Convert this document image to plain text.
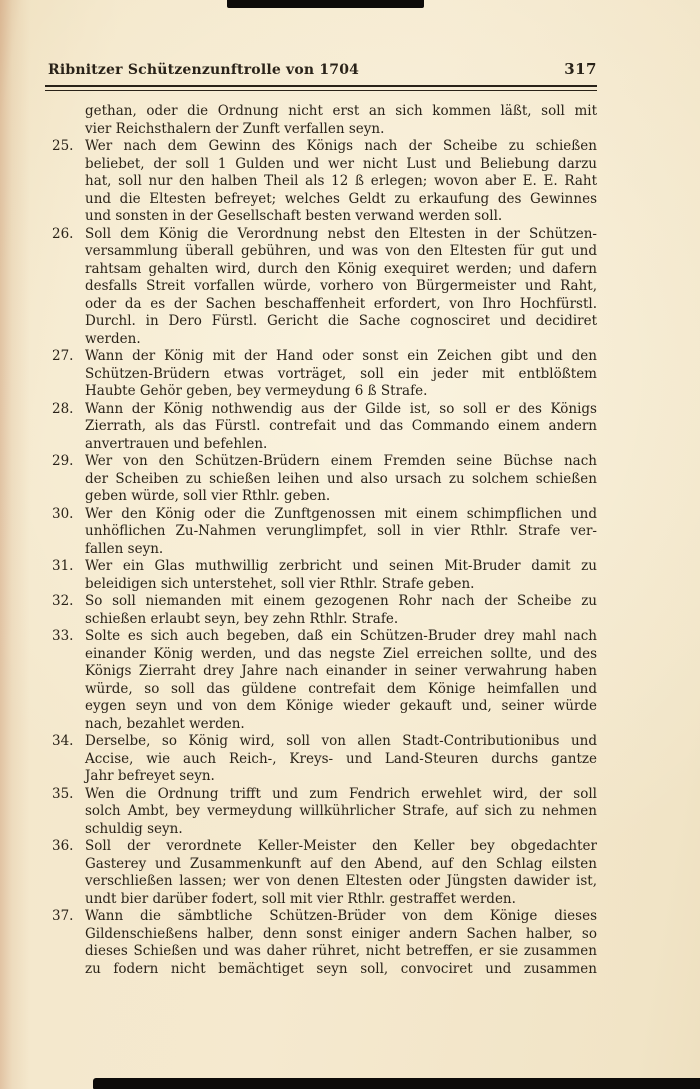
Ribnitzer Schützenzunftrolle von 1704	317
gethan, oder die Ordnung nicht erst an sich kommen läßt, soll mit
vier Reichsthalern der Zunft verfallen seyn.
25. Wer nach dem Gewinn des Königs nach der Scheibe zu schießen
beliebet, der soll 1 Gulden und wer nicht Lust und Beliebung darzu
hat, soll nur den halben Theil als 12 ß erlegen; wovon aber E. E. Raht
und die Eltesten befreyet; welches Geldt zu erkaufung des Gewinnes
und sonsten in der Gesellschaft besten verwand werden soll.
26. Soll dem König die Verordnung nebst den Eltesten in der Schützen-
versammlung überall gebühren, und was von den Eltesten für gut und
rahtsam gehalten wird, durch den König exequiret werden; und dafern
desfalls Streit vorfallen würde, vorhero von Bürgermeister und Raht,
oder da es der Sachen beschaffenheit erfordert, von Ihro Hochfürstl.
Durchl. in Dero Fürstl. Gericht die Sache cognosciret und decidiret
werden.
27. Wann der König mit der Hand oder sonst ein Zeichen gibt und den
Schützen-Brüdern etwas vorträget, soll ein jeder mit entblößtem
Haubte Gehör geben, bey vermeydung 6 ß Strafe.
28. Wann der König nothwendig aus der Gilde ist, so soll er des Königs
Zierrath, als das Fürstl. contrefait und das Commando einem andern
anvertrauen und befehlen.
29. Wer von den Schützen-Brüdern einem Fremden seine Büchse nach
der Scheiben zu schießen leihen und also ursach zu solchem schießen
geben würde, soll vier Rthlr. geben.
30. Wer den König oder die Zunftgenossen mit einem schimpflichen und
unhöflichen Zu-Nahmen verunglimpfet, soll in vier Rthlr. Strafe ver-
fallen seyn.
31. Wer ein Glas muthwillig zerbricht und seinen Mit-Bruder damit zu
beleidigen sich unterstehet, soll vier Rthlr. Strafe geben.
32. So soll niemanden mit einem gezogenen Rohr nach der Scheibe zu
schießen erlaubt seyn, bey zehn Rthlr. Strafe.
33. Solte es sich auch begeben, daß ein Schützen-Bruder drey mahl nach
einander König werden, und das negste Ziel erreichen sollte, und des
Königs Zierraht drey Jahre nach einander in seiner verwahrung haben
würde, so soll das güldene contrefait dem Könige heimfallen und
eygen seyn und von dem Könige wieder gekauft und, seiner würde
nach, bezahlet werden.
34. Derselbe, so König wird, soll von allen Stadt-Contributionibus und
Accise, wie auch Reich-, Kreys- und Land-Steuren durchs gantze
Jahr befreyet seyn.
35. Wen die Ordnung trifft und zum Fendrich erwehlet wird, der soll
solch Ambt, bey vermeydung willkührlicher Strafe, auf sich zu nehmen
schuldig seyn.
36. Soll der verordnete Keller-Meister den Keller bey obgedachter
Gasterey und Zusammenkunft auf den Abend, auf den Schlag eilsten
verschließen lassen; wer von denen Eltesten oder Jüngsten dawider ist,
undt bier darüber fodert, soll mit vier Rthlr. gestraffet werden.
37. Wann die sämbtliche Schützen-Brüder von dem Könige dieses
Gildenschießens halber, denn sonst einiger andern Sachen halber, so
dieses Schießen und was daher rühret, nicht betreffen, er sie zusammen
zu fodern nicht bemächtiget seyn soll, convociret und zusammen
